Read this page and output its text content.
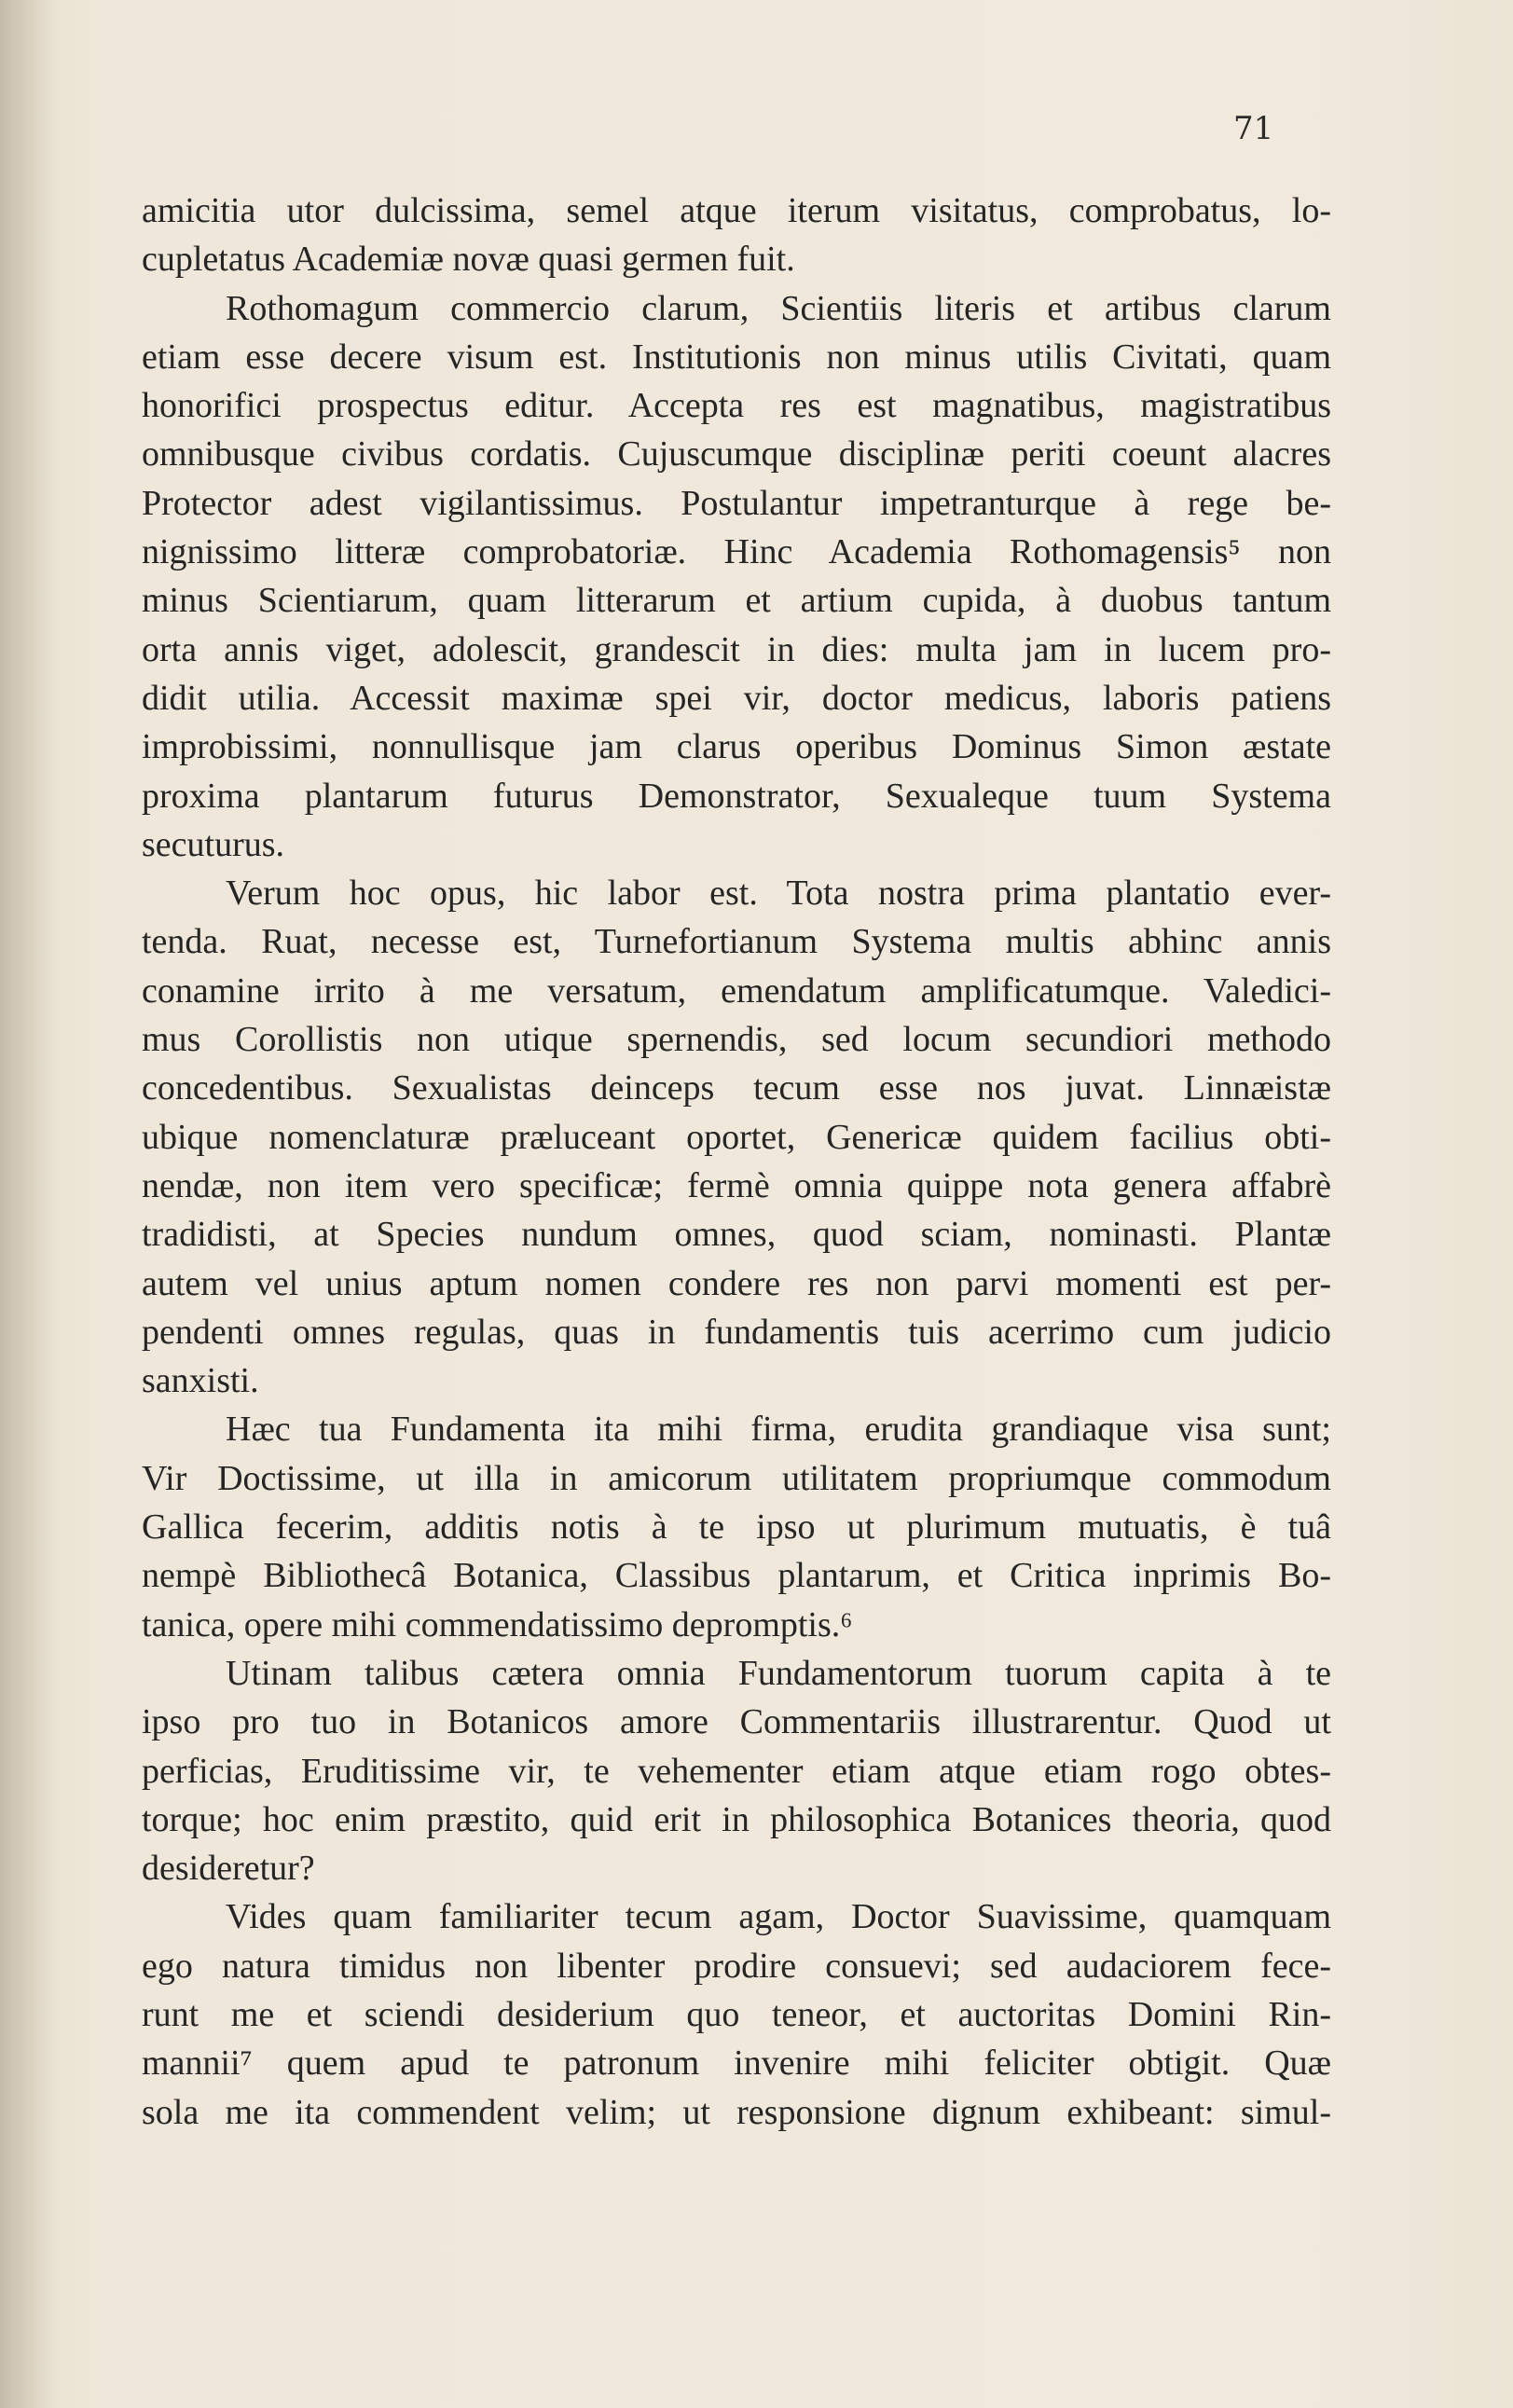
71
amicitia utor dulcissima, semel atque iterum visitatus, comprobatus, lo-
cupletatus Academiæ novæ quasi germen fuit.
Rothomagum commercio clarum, Scientiis literis et artibus clarum
etiam esse decere visum est. Institutionis non minus utilis Civitati, quam
honorifici prospectus editur. Accepta res est magnatibus, magistratibus
omnibusque civibus cordatis. Cujuscumque disciplinæ periti coeunt alacres
Protector adest vigilantissimus. Postulantur impetranturque à rege be-
nignissimo litteræ comprobatoriæ. Hinc Academia Rothomagensis⁵ non
minus Scientiarum, quam litterarum et artium cupida, à duobus tantum
orta annis viget, adolescit, grandescit in dies: multa jam in lucem pro-
didit utilia. Accessit maximæ spei vir, doctor medicus, laboris patiens
improbissimi, nonnullisque jam clarus operibus Dominus Simon æstate
proxima plantarum futurus Demonstrator, Sexualeque tuum Systema
secuturus.
Verum hoc opus, hic labor est. Tota nostra prima plantatio ever-
tenda. Ruat, necesse est, Turnefortianum Systema multis abhinc annis
conamine irrito à me versatum, emendatum amplificatumque. Valedici-
mus Corollistis non utique spernendis, sed locum secundiori methodo
concedentibus. Sexualistas deinceps tecum esse nos juvat. Linnæistæ
ubique nomenclaturæ præluceant oportet, Genericæ quidem facilius obti-
nendæ, non item vero specificæ; fermè omnia quippe nota genera affabrè
tradidisti, at Species nundum omnes, quod sciam, nominasti. Plantæ
autem vel unius aptum nomen condere res non parvi momenti est per-
pendenti omnes regulas, quas in fundamentis tuis acerrimo cum judicio
sanxisti.
Hæc tua Fundamenta ita mihi firma, erudita grandiaque visa sunt;
Vir Doctissime, ut illa in amicorum utilitatem propriumque commodum
Gallica fecerim, additis notis à te ipso ut plurimum mutuatis, è tuâ
nempè Bibliothecâ Botanica, Classibus plantarum, et Critica inprimis Bo-
tanica, opere mihi commendatissimo depromptis.⁶
Utinam talibus cætera omnia Fundamentorum tuorum capita à te
ipso pro tuo in Botanicos amore Commentariis illustrarentur. Quod ut
perficias, Eruditissime vir, te vehementer etiam atque etiam rogo obtes-
torque; hoc enim præstito, quid erit in philosophica Botanices theoria, quod
desideretur?
Vides quam familiariter tecum agam, Doctor Suavissime, quamquam
ego natura timidus non libenter prodire consuevi; sed audaciorem fece-
runt me et sciendi desiderium quo teneor, et auctoritas Domini Rin-
mannii⁷ quem apud te patronum invenire mihi feliciter obtigit. Quæ
sola me ita commendent velim; ut responsione dignum exhibeant: simul-
